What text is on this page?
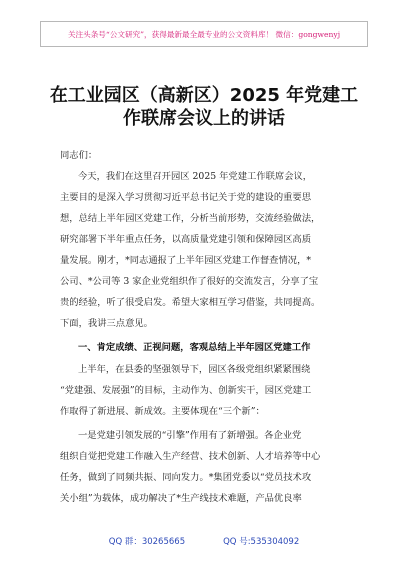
关注头条号“公文研究”，获得最新最全最专业的公文资料库！ 微信：gongwenyj
在工业园区（高新区）2025 年党建工
作联席会议上的讲话
同志们：
今天，我们在这里召开园区 2025 年党建工作联席会议，
主要目的是深入学习贯彻习近平总书记关于党的建设的重要思
想，总结上半年园区党建工作，分析当前形势，交流经验做法，
研究部署下半年重点任务，以高质量党建引领和保障园区高质
量发展。刚才，*同志通报了上半年园区党建工作督查情况，*
公司、*公司等 3 家企业党组织作了很好的交流发言，分享了宝
贵的经验，听了很受启发。希望大家相互学习借鉴，共同提高。
下面，我讲三点意见。
一、肯定成绩、正视问题，客观总结上半年园区党建工作
上半年，在县委的坚强领导下，园区各级党组织紧紧围绕
“党建强、发展强”的目标，主动作为、创新实干，园区党建工
作取得了新进展、新成效。主要体现在“三个新”：
一是党建引领发展的“引擎”作用有了新增强。各企业党
组织自觉把党建工作融入生产经营、技术创新、人才培养等中心
任务，做到了同频共振、同向发力。*集团党委以“党员技术攻
关小组”为载体，成功解决了*生产线技术难题，产品优良率
QQ 群：30265665	QQ 号:535304092
